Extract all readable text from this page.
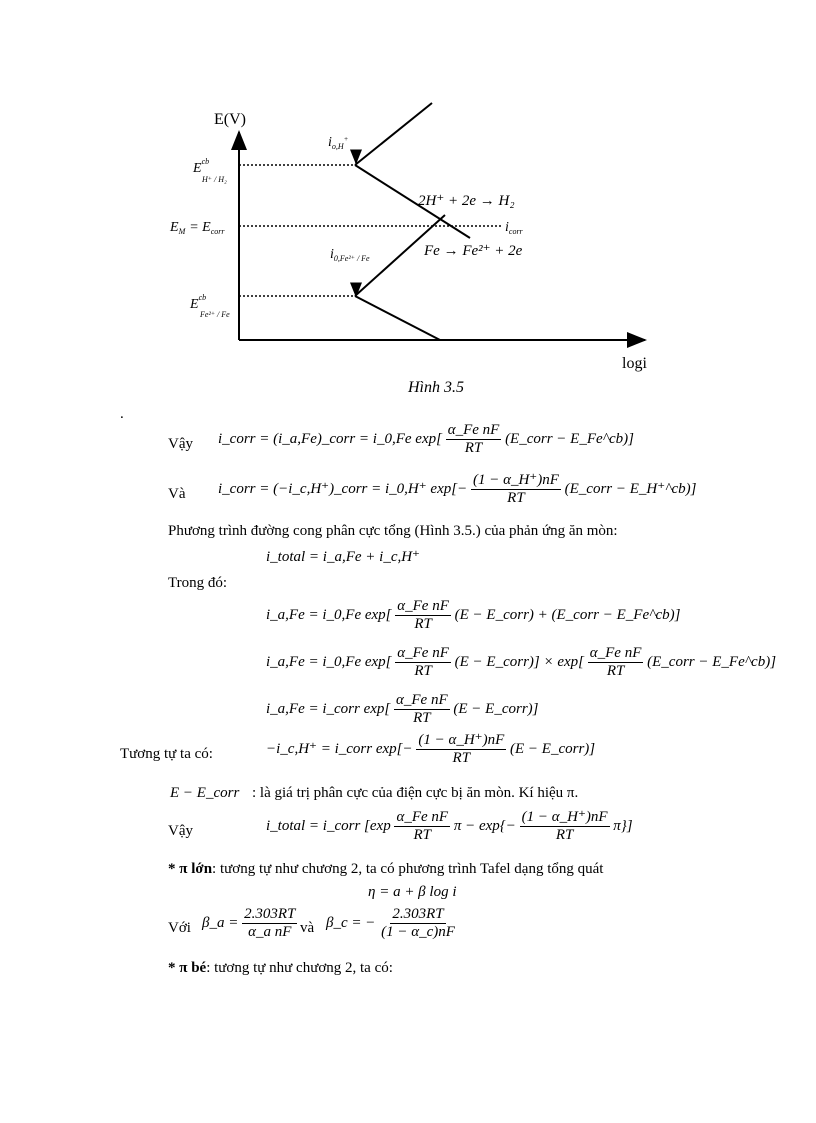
E(V)
logi
$i_{o,H}^+$
$E^{cb}$
H⁺ / H₂
$E_M = E_{corr}$
2H⁺ + 2e → H₂
$i_{corr}$
Fe → Fe²⁺ + 2e
$i_{0,Fe^{2+} / Fe}$
$E^{cb}$
Fe²⁺ / Fe
Hình 3.5
.
Vậy i_corr = (i_a,Fe)_corr = i_0,Fe $\exp[ \frac{\text{α\_Fe nF}}{RT}$ (E_corr − E_Fe^cb)]
Và i_corr = (−i_c,H⁺)_corr = i_0,H⁺ $\exp[- \frac{(1 - \alpha\_H^+)nF}{RT}$ (E_corr − E_H⁺^cb)]
Phương trình đường cong phân cực tổng (Hình 3.5.) của phản ứng ăn mòn:
i_total = i_a,Fe + i_c,H⁺
Trong đó:
i_a,Fe = i_0,Fe $\exp[ \frac{\text{α\_Fe nF}}{RT} (E$ − E_corr) + (E_corr − E_Fe^cb)]
i_a,Fe = i_0,Fe $\exp[ \frac{\text{α\_Fe nF}}{RT} (E$ − E_corr)] × $\exp[ \frac{\text{α\_Fe nF}}{RT}$ (E_corr − E_Fe^cb)]
i_a,Fe = i_corr $\exp[ \frac{\text{α\_Fe nF}}{RT} (E$ − E_corr)]
Tương tự ta có:	−i_c,H⁺ = i_corr $\exp[- \frac{(1 - \alpha\_H^+)nF}{RT} (E$ − E_corr)]
E − E_corr : là giá trị phân cực của điện cực bị ăn mòn. Kí hiệu π.
Vậy	i_total = i_corr [$\exp \frac{\text{α\_Fe nF}}{RT}$ $\pi - \exp\{- \frac{(1 - \alpha\_H^+)nF}{RT} \pi\}$]
* π lớn: tương tự như chương 2, ta có phương trình Tafel dạng tổng quát
η = a + β log i
Với β_a = $\frac{2.303RT}{\text{α\_a nF}}$ và β_c = − $\frac{2.303RT}{(1 - \alpha\_c)nF}$
* π bé: tương tự như chương 2, ta có:
